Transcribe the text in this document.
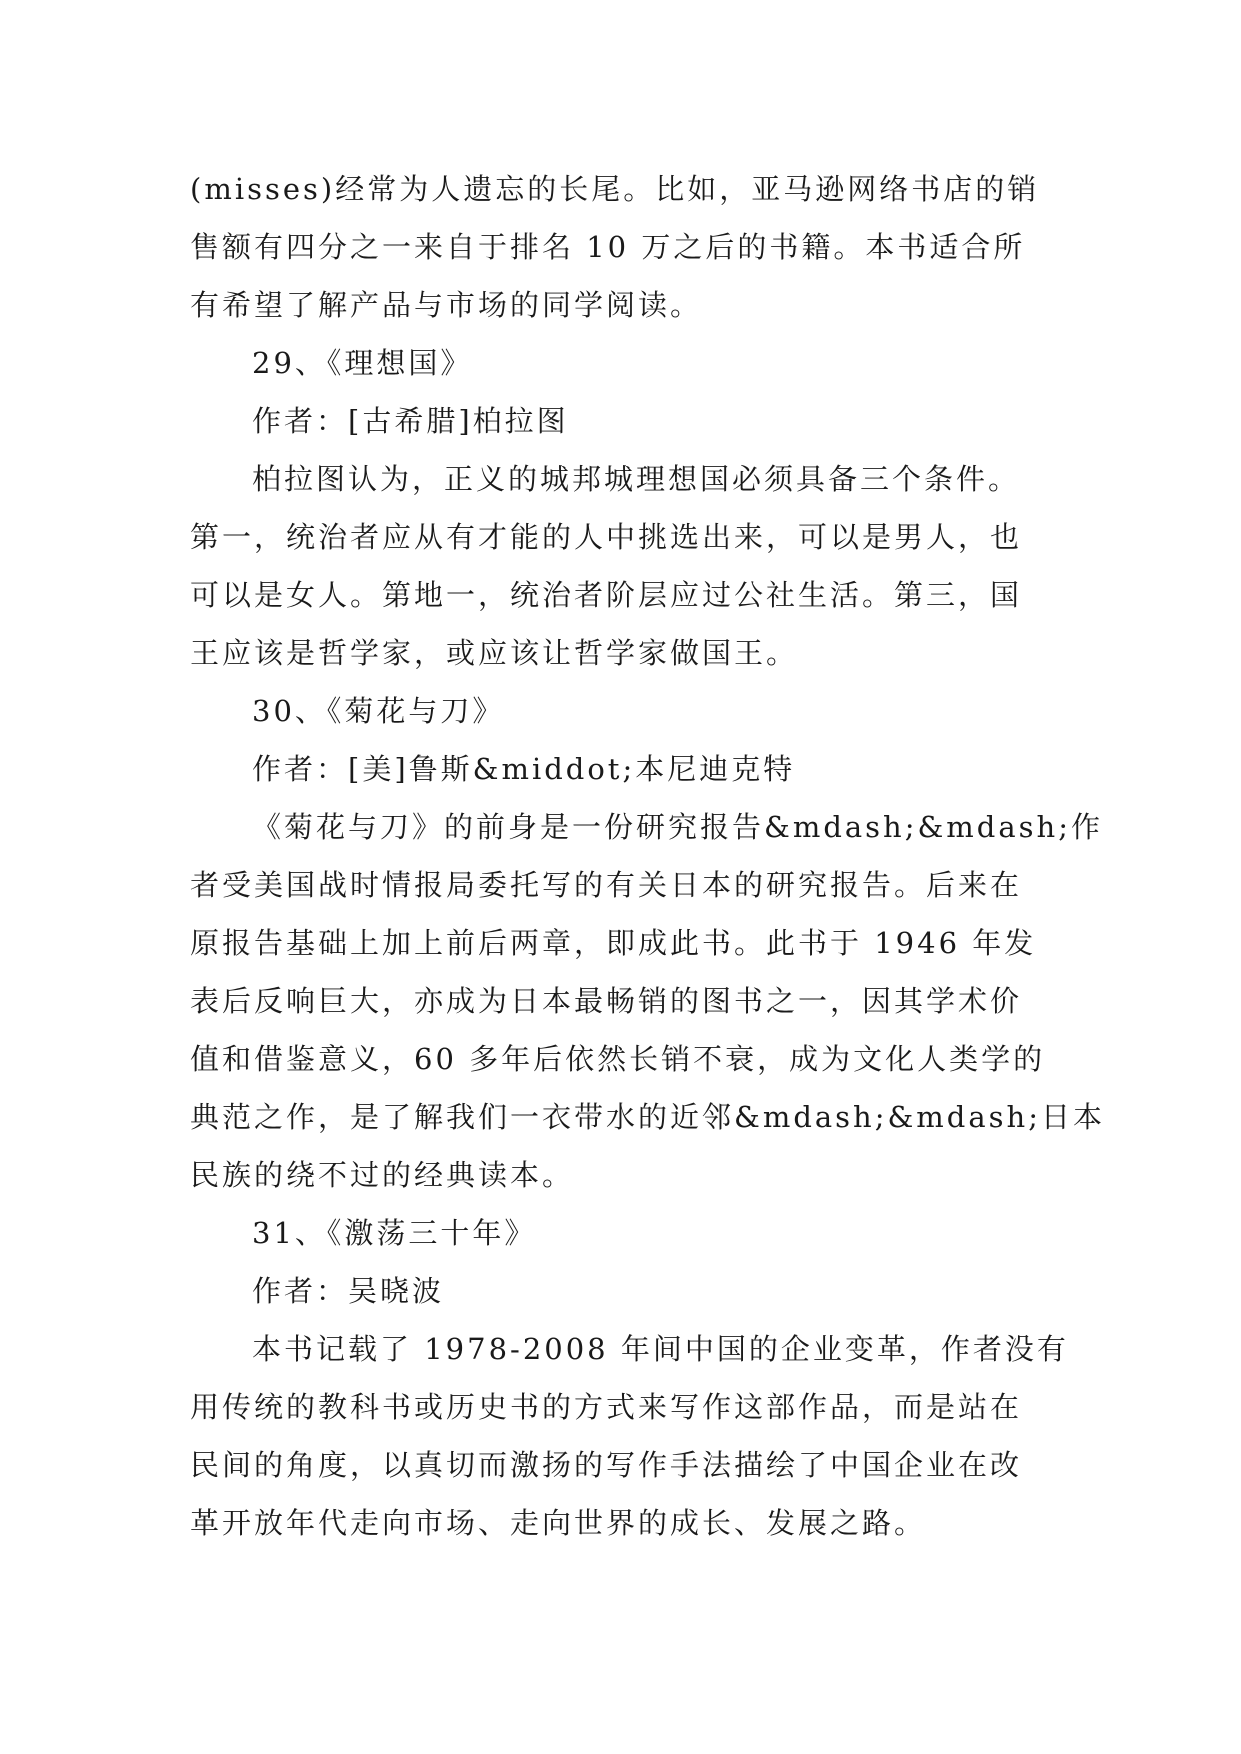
(misses)经常为人遗忘的长尾。比如，亚马逊网络书店的销
售额有四分之一来自于排名 10 万之后的书籍。本书适合所
有希望了解产品与市场的同学阅读。
29、《理想国》
作者：[古希腊]柏拉图
柏拉图认为，正义的城邦城理想国必须具备三个条件。
第一，统治者应从有才能的人中挑选出来，可以是男人，也
可以是女人。第地一，统治者阶层应过公社生活。第三，国
王应该是哲学家，或应该让哲学家做国王。
30、《菊花与刀》
作者：[美]鲁斯&middot;本尼迪克特
《菊花与刀》的前身是一份研究报告&mdash;&mdash;作
者受美国战时情报局委托写的有关日本的研究报告。后来在
原报告基础上加上前后两章，即成此书。此书于 1946 年发
表后反响巨大，亦成为日本最畅销的图书之一，因其学术价
值和借鉴意义，60 多年后依然长销不衰，成为文化人类学的
典范之作，是了解我们一衣带水的近邻&mdash;&mdash;日本
民族的绕不过的经典读本。
31、《激荡三十年》
作者：吴晓波
本书记载了 1978-2008 年间中国的企业变革，作者没有
用传统的教科书或历史书的方式来写作这部作品，而是站在
民间的角度，以真切而激扬的写作手法描绘了中国企业在改
革开放年代走向市场、走向世界的成长、发展之路。
